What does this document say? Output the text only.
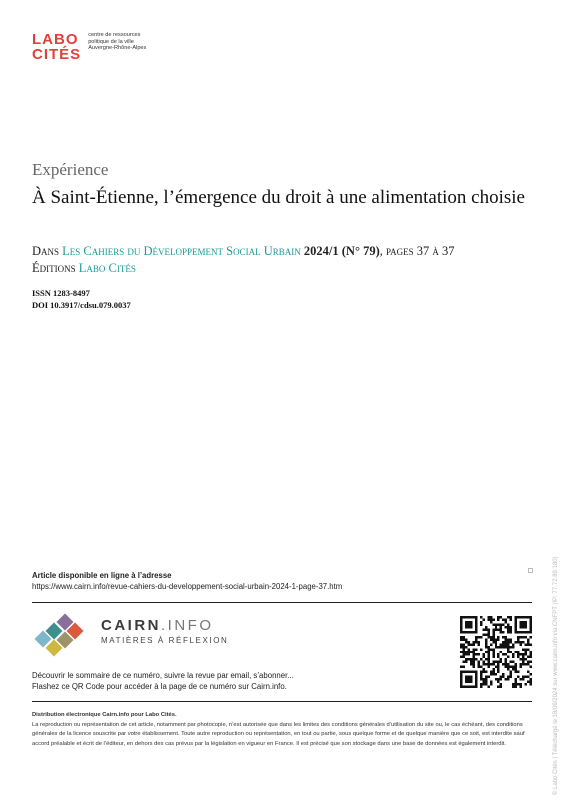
LABO
CITÉS
centre de ressources
politique de la ville
Auvergne-Rhône-Alpes
Expérience
À Saint-Étienne, l’émergence du droit à une alimentation choisie
Dans Les Cahiers du Développement Social Urbain 2024/1 (N° 79), pages 37 à 37
Éditions Labo Cités
ISSN 1283-8497
DOI 10.3917/cdsu.079.0037
Article disponible en ligne à l’adresse
https://www.cairn.info/revue-cahiers-du-developpement-social-urbain-2024-1-page-37.htm
CAIRN.INFO
MATIÈRES À RÉFLEXION
Découvrir le sommaire de ce numéro, suivre la revue par email, s’abonner...
Flashez ce QR Code pour accéder à la page de ce numéro sur Cairn.info.
Distribution électronique Cairn.info pour Labo Cités.
La reproduction ou représentation de cet article, notamment par photocopie, n’est autorisée que dans les limites des conditions générales d’utilisation du site ou, le cas échéant, des conditions générales de la licence souscrite par votre établissement. Toute autre reproduction ou représentation, en tout ou partie, sous quelque forme et de quelque manière que ce soit, est interdite sauf accord préalable et écrit de l’éditeur, en dehors des cas prévus par la législation en vigueur en France. Il est précisé que son stockage dans une base de données est également interdit.	© Labo Cités | Téléchargé le 18/06/2024 sur www.cairn.info via CNFPT (IP: 77.72.89.180)
